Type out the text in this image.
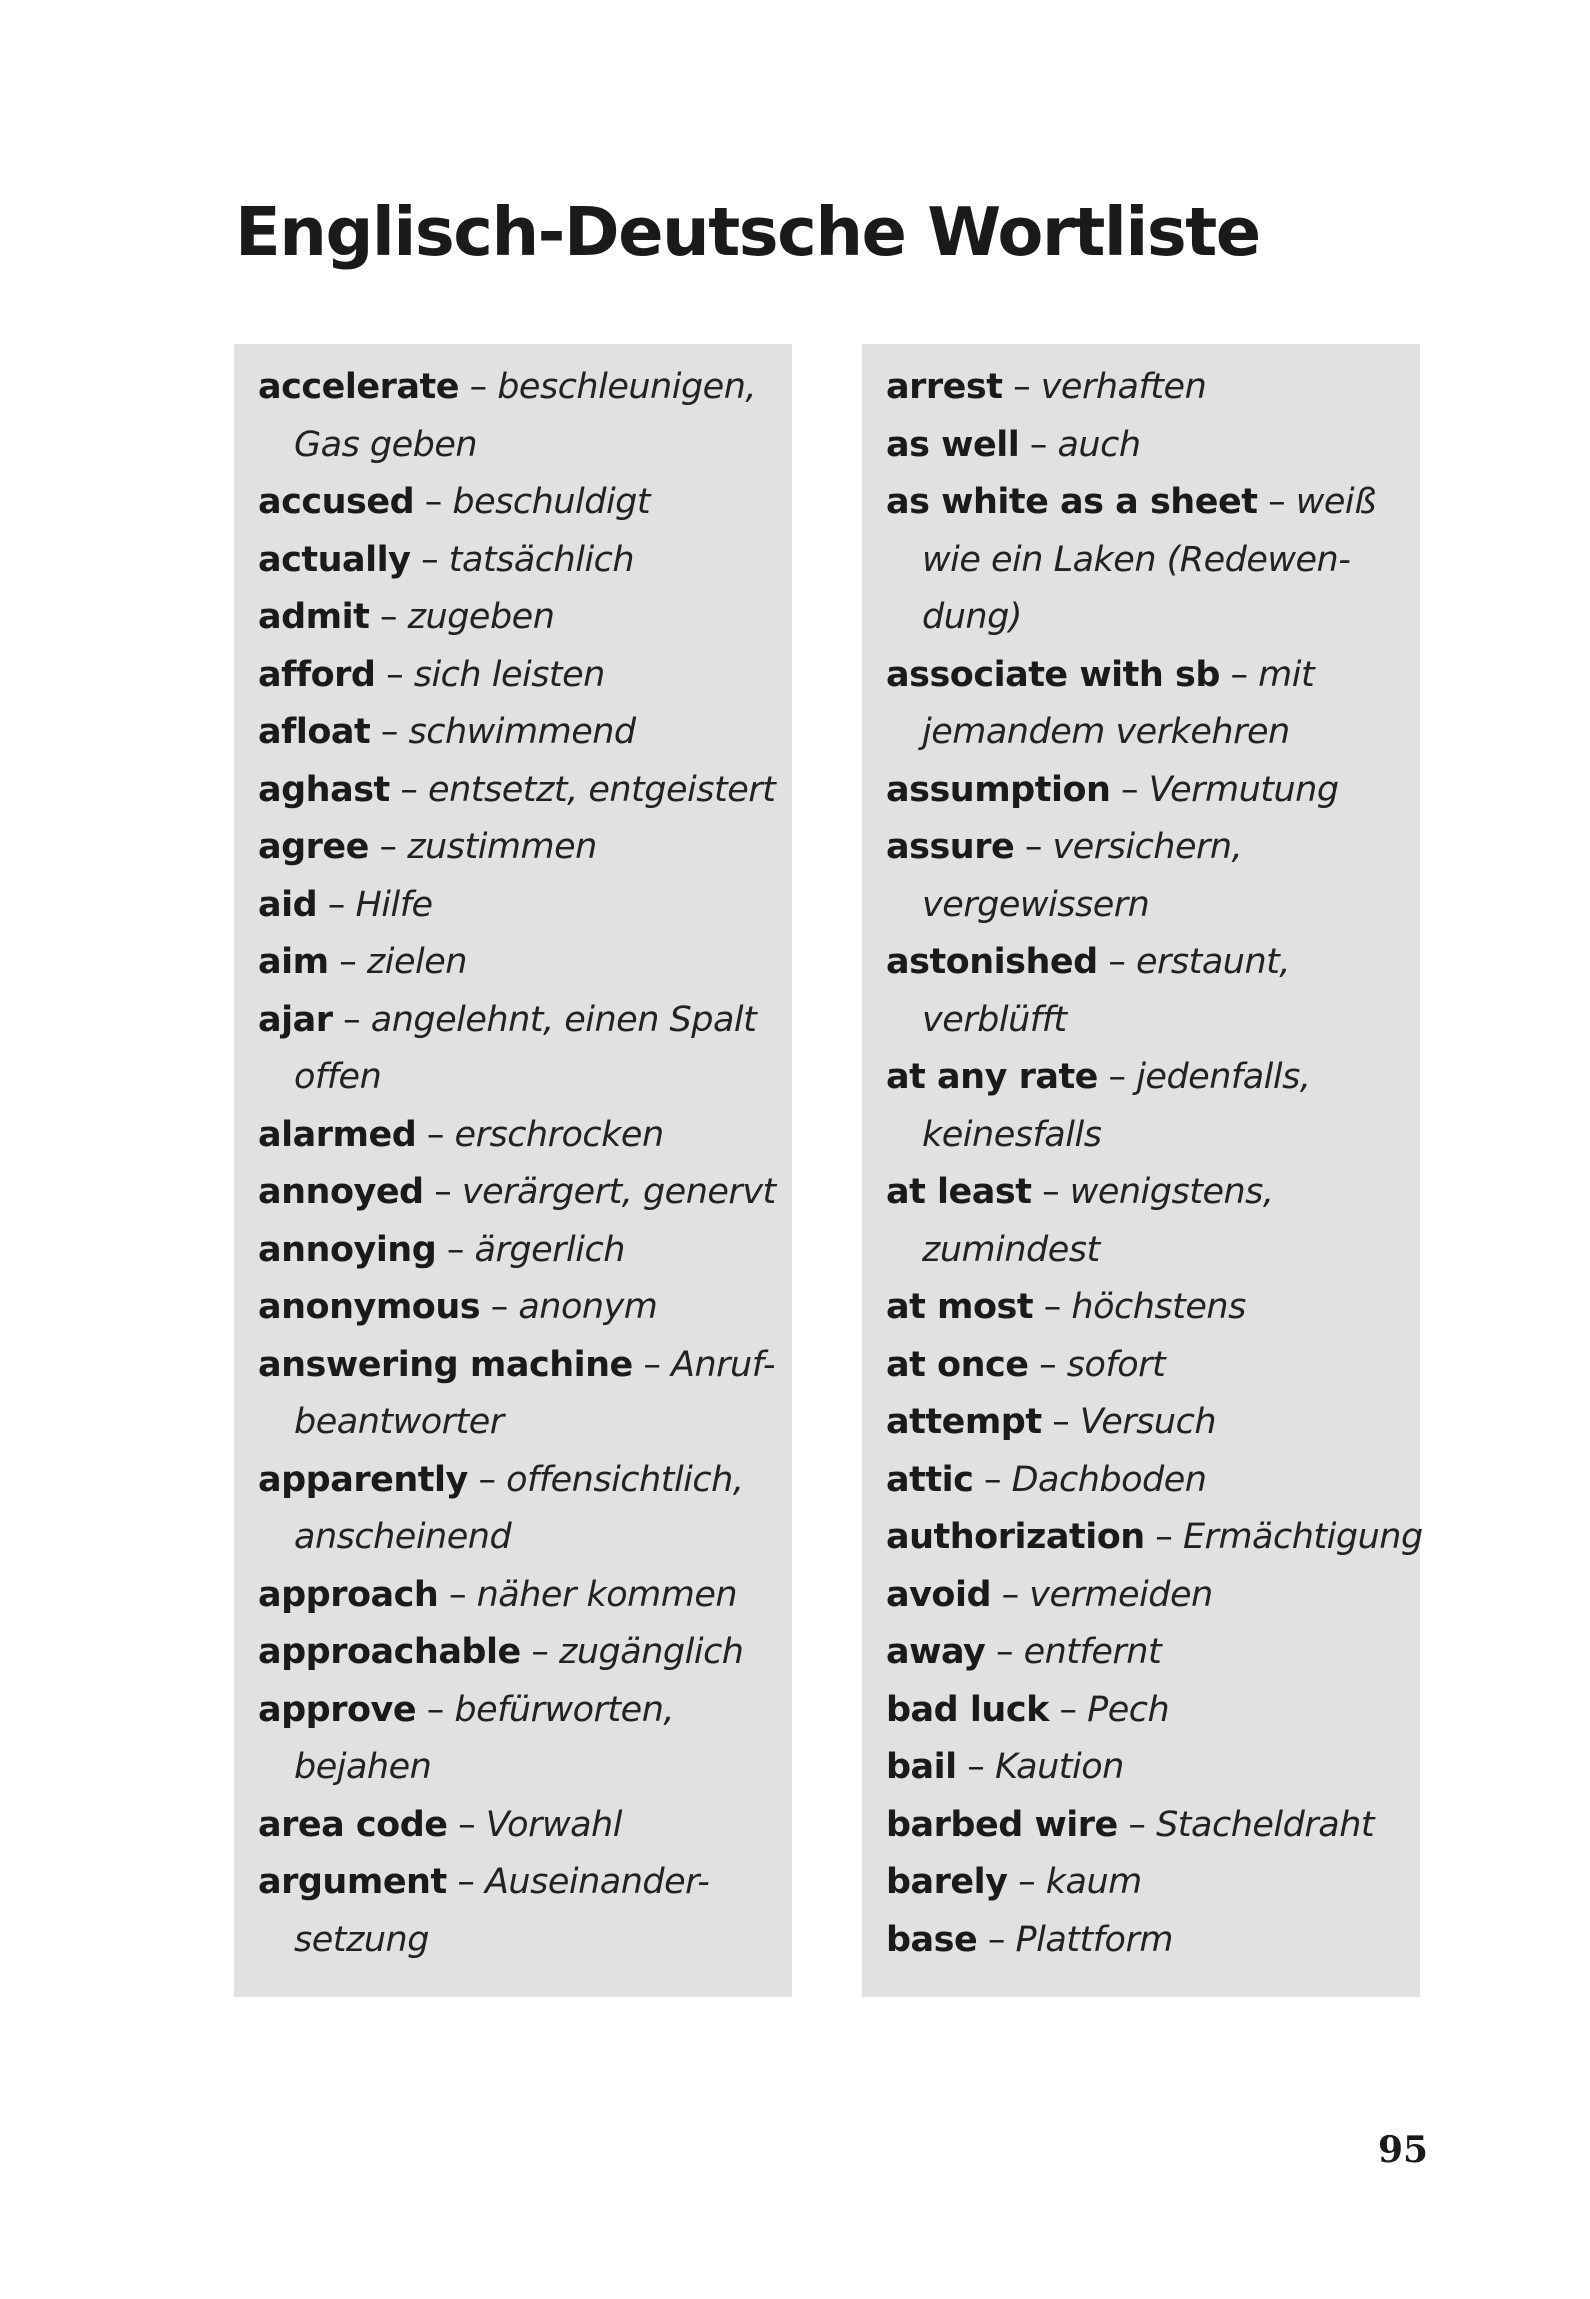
Englisch-Deutsche Wortliste
accelerate – beschleunigen,
Gas geben
accused – beschuldigt
actually – tatsächlich
admit – zugeben
afford – sich leisten
afloat – schwimmend
aghast – entsetzt, entgeistert
agree – zustimmen
aid – Hilfe
aim – zielen
ajar – angelehnt, einen Spalt
offen
alarmed – erschrocken
annoyed – verärgert, genervt
annoying – ärgerlich
anonymous – anonym
answering machine – Anruf-
beantworter
apparently – offensichtlich,
anscheinend
approach – näher kommen
approachable – zugänglich
approve – befürworten,
bejahen
area code – Vorwahl
argument – Auseinander-
setzung
arrest – verhaften
as well – auch
as white as a sheet – weiß
wie ein Laken (Redewen-
dung)
associate with sb – mit
jemandem verkehren
assumption – Vermutung
assure – versichern,
vergewissern
astonished – erstaunt,
verblüfft
at any rate – jedenfalls,
keinesfalls
at least – wenigstens,
zumindest
at most – höchstens
at once – sofort
attempt – Versuch
attic – Dachboden
authorization – Ermächtigung
avoid – vermeiden
away – entfernt
bad luck – Pech
bail – Kaution
barbed wire – Stacheldraht
barely – kaum
base – Plattform
95
